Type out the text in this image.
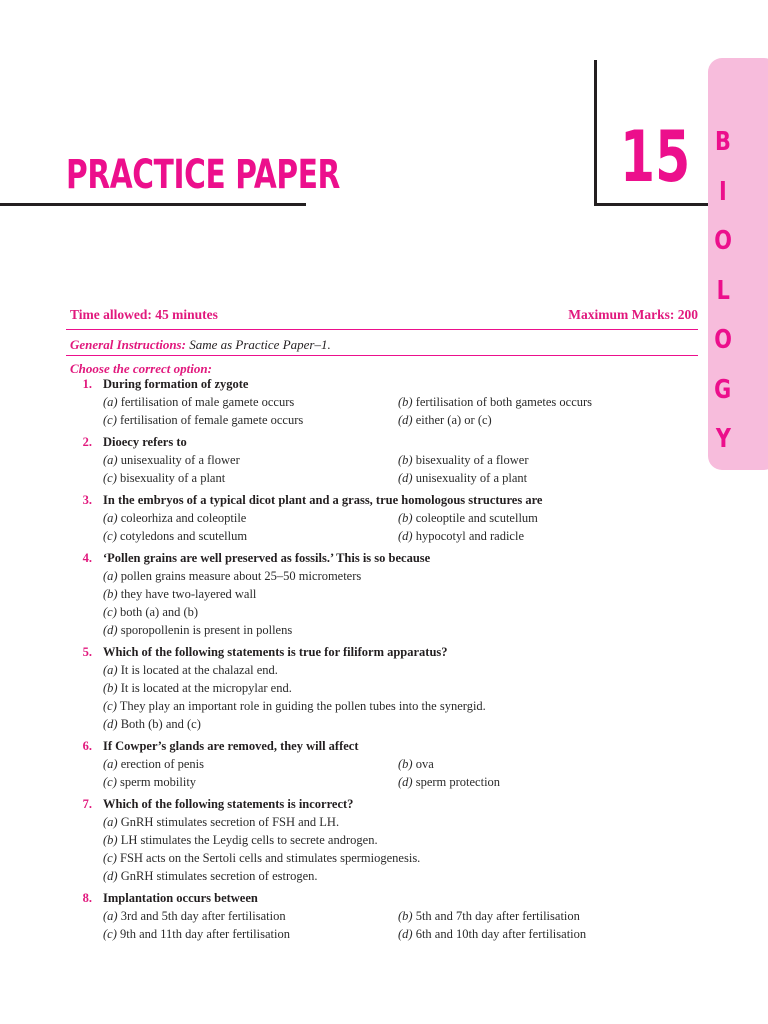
PRACTICE PAPER	15 B
I
O
L
O
G
Y
Time allowed: 45 minutes	Maximum Marks: 200
General Instructions: Same as Practice Paper–1.
Choose the correct option:
1. During formation of zygote
(a) fertilisation of male gamete occurs	(b) fertilisation of both gametes occurs
(c) fertilisation of female gamete occurs	(d) either (a) or (c)
2. Dioecy refers to
(a) unisexuality of a flower	(b) bisexuality of a flower
(c) bisexuality of a plant	(d) unisexuality of a plant
3. In the embryos of a typical dicot plant and a grass, true homologous structures are
(a) coleorhiza and coleoptile	(b) coleoptile and scutellum
(c) cotyledons and scutellum	(d) hypocotyl and radicle
4. ‘Pollen grains are well preserved as fossils.’ This is so because
(a) pollen grains measure about 25–50 micrometers
(b) they have two-layered wall
(c) both (a) and (b)
(d) sporopollenin is present in pollens
5. Which of the following statements is true for filiform apparatus?
(a) It is located at the chalazal end.
(b) It is located at the micropylar end.
(c) They play an important role in guiding the pollen tubes into the synergid.
(d) Both (b) and (c)
6. If Cowper’s glands are removed, they will affect
(a) erection of penis	(b) ova
(c) sperm mobility	(d) sperm protection
7. Which of the following statements is incorrect?
(a) GnRH stimulates secretion of FSH and LH.
(b) LH stimulates the Leydig cells to secrete androgen.
(c) FSH acts on the Sertoli cells and stimulates spermiogenesis.
(d) GnRH stimulates secretion of estrogen.
8. Implantation occurs between
(a) 3rd and 5th day after fertilisation	(b) 5th and 7th day after fertilisation
(c) 9th and 11th day after fertilisation	(d) 6th and 10th day after fertilisation
